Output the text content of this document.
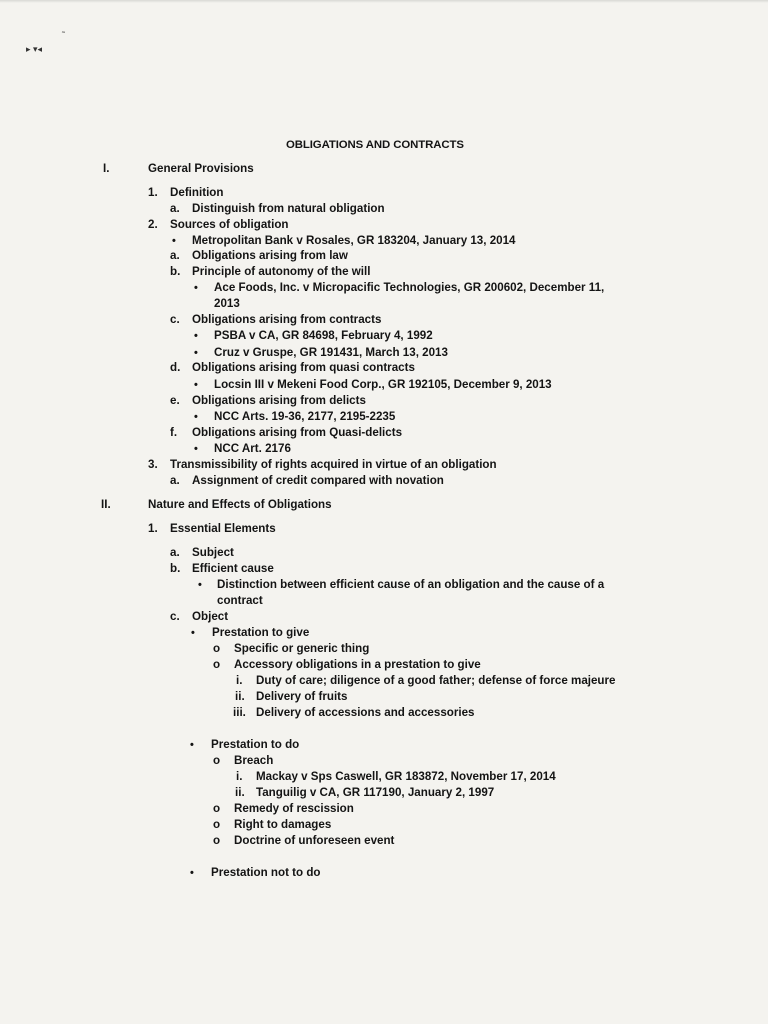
˜
▸ ▾◂
OBLIGATIONS AND CONTRACTS
I.	General Provisions
1. Definition
a. Distinguish from natural obligation
2. Sources of obligation
• Metropolitan Bank v Rosales, GR 183204, January 13, 2014
a. Obligations arising from law
b. Principle of autonomy of the will
• Ace Foods, Inc. v Micropacific Technologies, GR 200602, December 11,
2013
c. Obligations arising from contracts
• PSBA v CA, GR 84698, February 4, 1992
• Cruz v Gruspe, GR 191431, March 13, 2013
d. Obligations arising from quasi contracts
• Locsin III v Mekeni Food Corp., GR 192105, December 9, 2013
e. Obligations arising from delicts
• NCC Arts. 19-36, 2177, 2195-2235
f. Obligations arising from Quasi-delicts
• NCC Art. 2176
3. Transmissibility of rights acquired in virtue of an obligation
a. Assignment of credit compared with novation
II.	Nature and Effects of Obligations
1. Essential Elements
a. Subject
b. Efficient cause
• Distinction between efficient cause of an obligation and the cause of a
contract
c. Object
• Prestation to give
o Specific or generic thing
o Accessory obligations in a prestation to give
i. Duty of care; diligence of a good father; defense of force majeure
ii. Delivery of fruits
iii. Delivery of accessions and accessories
• Prestation to do
o Breach
i. Mackay v Sps Caswell, GR 183872, November 17, 2014
ii. Tanguilig v CA, GR 117190, January 2, 1997
o Remedy of rescission
o Right to damages
o Doctrine of unforeseen event
• Prestation not to do
